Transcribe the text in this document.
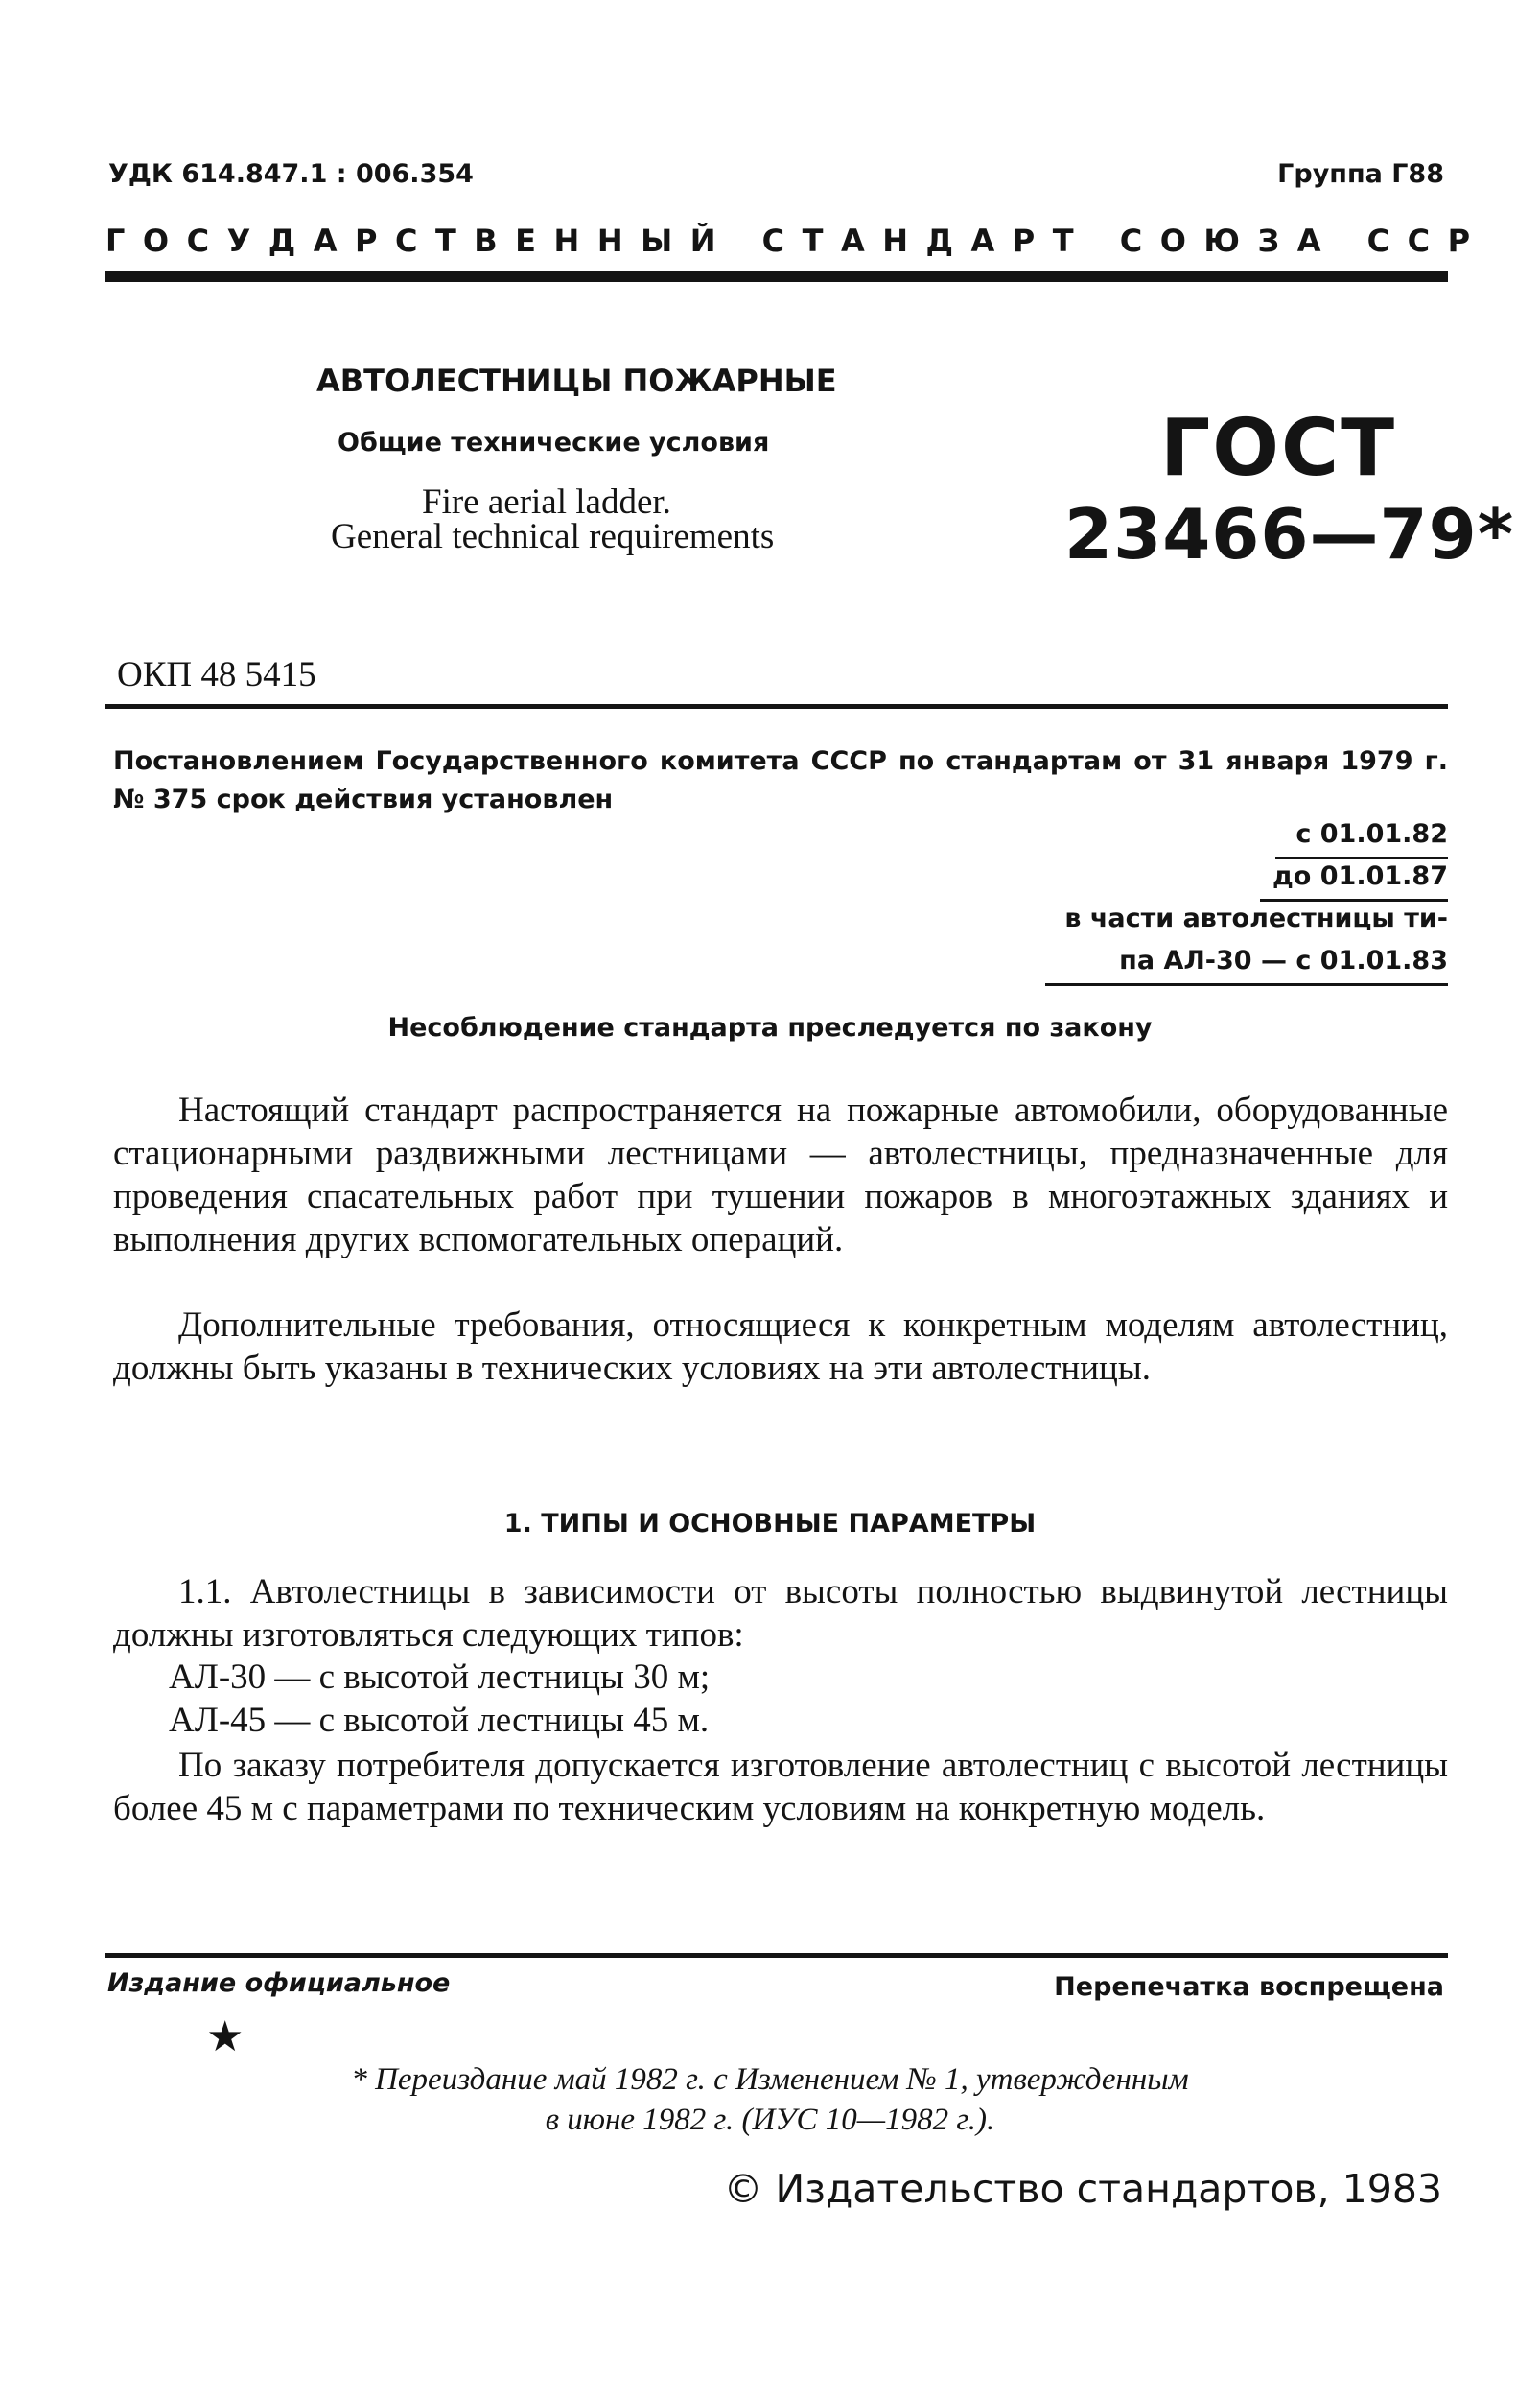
УДК 614.847.1 : 006.354	Группа Г88
ГОСУДАРСТВЕННЫЙ СТАНДАРТ СОЮЗА ССР
АВТОЛЕСТНИЦЫ ПОЖАРНЫЕ
Общие технические условия
Fire aerial ladder.
General technical requirements
ГОСТ
23466—79*
ОКП 48 5415
Постановлением Государственного комитета СССР по стандартам от 31 января 1979 г. № 375 срок действия установлен
с 01.01.82
до 01.01.87
в части автолестницы ти-
па АЛ-30 — с 01.01.83
Несоблюдение стандарта преследуется по закону
Настоящий стандарт распространяется на пожарные автомобили, оборудованные стационарными раздвижными лестницами — автолестницы, предназначенные для проведения спасательных работ при тушении пожаров в многоэтажных зданиях и выполнения других вспомогательных операций.
Дополнительные требования, относящиеся к конкретным моделям автолестниц, должны быть указаны в технических условиях на эти автолестницы.
1. ТИПЫ И ОСНОВНЫЕ ПАРАМЕТРЫ
1.1. Автолестницы в зависимости от высоты полностью выдвинутой лестницы должны изготовляться следующих типов:
АЛ-30 — с высотой лестницы 30 м;
АЛ-45 — с высотой лестницы 45 м.
По заказу потребителя допускается изготовление автолестниц с высотой лестницы более 45 м с параметрами по техническим условиям на конкретную модель.
Издание официальное	Перепечатка воспрещена
★
* Переиздание май 1982 г. с Изменением № 1, утвержденным
в июне 1982 г. (ИУС 10—1982 г.).
© Издательство стандартов, 1983
